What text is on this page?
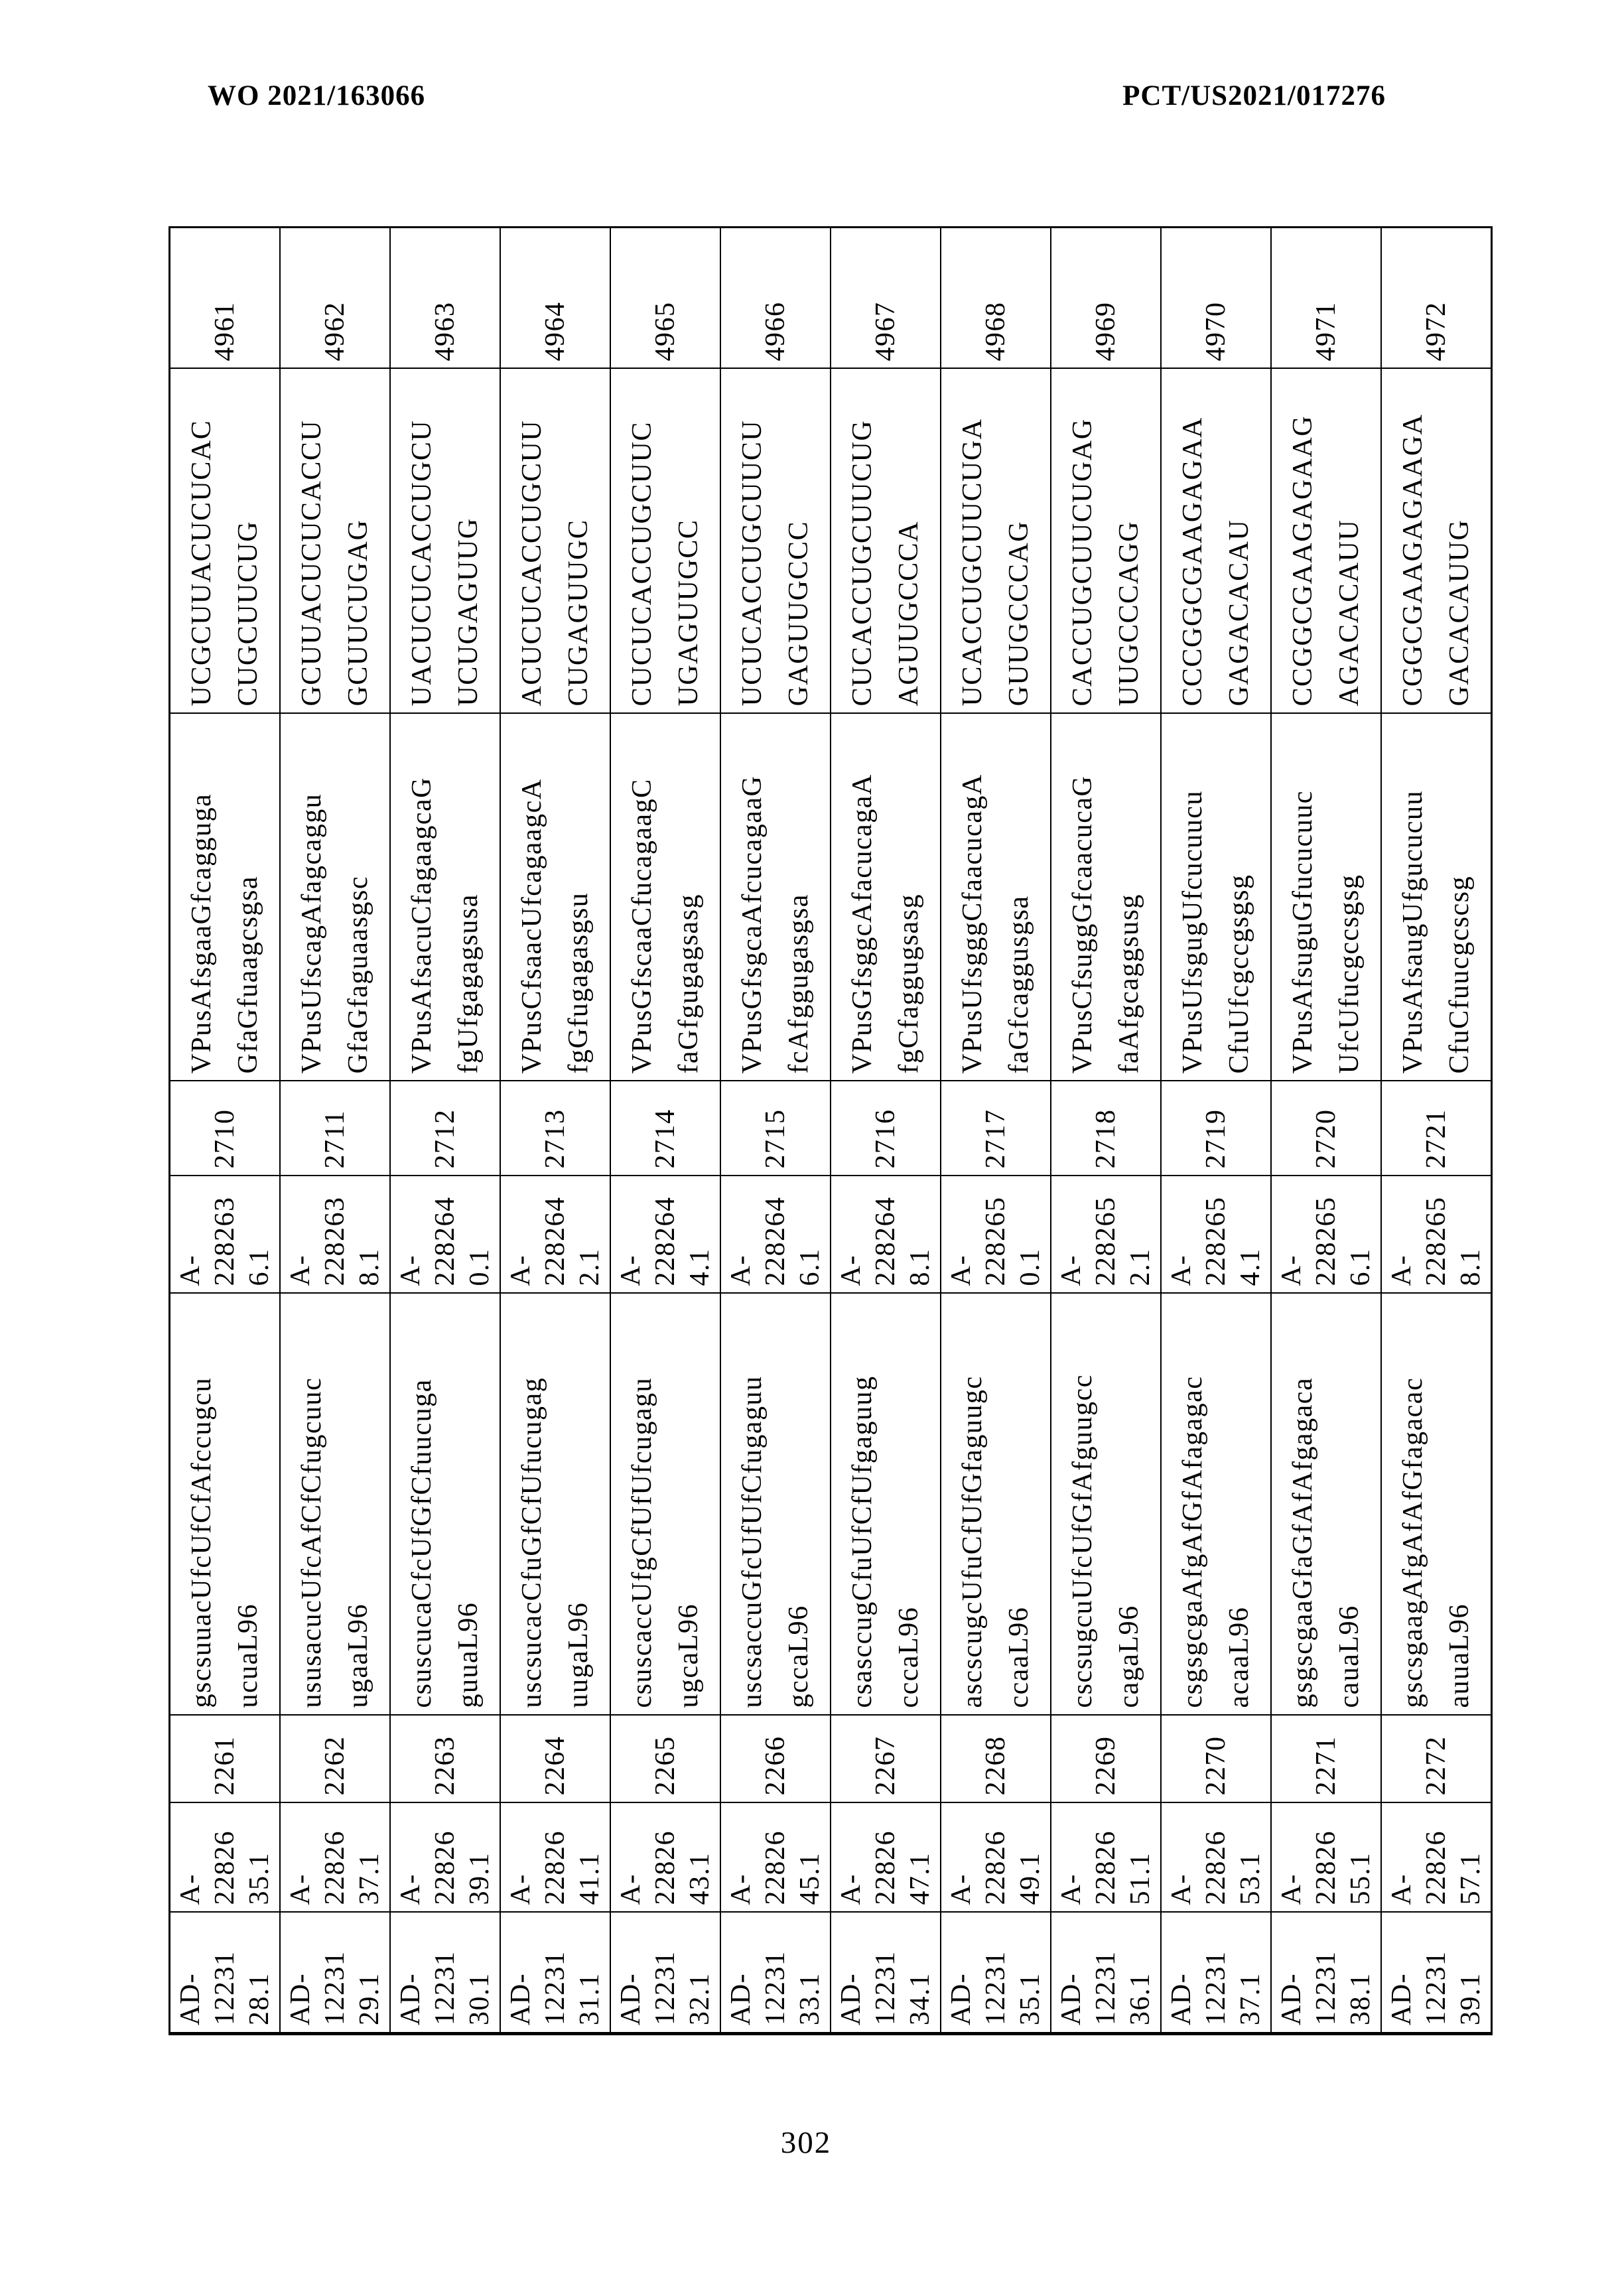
WO 2021/163066	PCT/US2021/017276
AD-
12231
28.1	A-
22826
35.1	2261	gscsuuacUfcUfCfAfccugcu
ucuaL96	A-
228263
6.1	2710	VPusAfsgaaGfcagguga
GfaGfuaagcsgsa	UCGCUUACUCUCAC
CUGCUUCUG	4961
AD-
12231
29.1	A-
22826
37.1	2262	ususacucUfcAfCfCfugcuuc
ugaaL96	A-
228263
8.1	2711	VPusUfscagAfagcaggu
GfaGfaguaasgsc	GCUUACUCUCACCU
GCUUCUGAG	4962
AD-
12231
30.1	A-
22826
39.1	2263	csuscucaCfcUfGfCfuucuga
guuaL96	A-
228264
0.1	2712	VPusAfsacuCfagaagcaG
fgUfgagagsusa	UACUCUCACCUGCU
UCUGAGUUG	4963
AD-
12231
31.1	A-
22826
41.1	2264	uscsucacCfuGfCfUfucugag
uugaL96	A-
228264
2.1	2713	VPusCfsaacUfcagaagcA
fgGfugagasgsu	ACUCUCACCUGCUU
CUGAGUUGC	4964
AD-
12231
32.1	A-
22826
43.1	2265	csuscaccUfgCfUfUfcugagu
ugcaL96	A-
228264
4.1	2714	VPusGfscaaCfucagaagC
faGfgugagsasg	CUCUCACCUGCUUC
UGAGUUGCC	4965
AD-
12231
33.1	A-
22826
45.1	2266	uscsaccuGfcUfUfCfugaguu
gccaL96	A-
228264
6.1	2715	VPusGfsgcaAfcucagaaG
fcAfggugasgsa	UCUCACCUGCUUCU
GAGUUGCCC	4966
AD-
12231
34.1	A-
22826
47.1	2267	csasccugCfuUfCfUfgaguug
cccaL96	A-
228264
8.1	2716	VPusGfsggcAfacucagaA
fgCfaggugsasg	CUCACCUGCUUCUG
AGUUGCCCA	4967
AD-
12231
35.1	A-
22826
49.1	2268	ascscugcUfuCfUfGfaguugc
ccaaL96	A-
228265
0.1	2717	VPusUfsgggCfaacucagA
faGfcaggusgsa	UCACCUGCUUCUGA
GUUGCCCAG	4968
AD-
12231
36.1	A-
22826
51.1	2269	cscsugcuUfcUfGfAfguugcc
cagaL96	A-
228265
2.1	2718	VPusCfsuggGfcaacucaG
faAfgcaggsusg	CACCUGCUUCUGAG
UUGCCCAGG	4969
AD-
12231
37.1	A-
22826
53.1	2270	csgsgcgaAfgAfGfAfagagac
acaaL96	A-
228265
4.1	2719	VPusUfsgugUfcucuucu
CfuUfcgccgsgsg	CCCGGCGAAGAGAA
GAGACACAU	4970
AD-
12231
38.1	A-
22826
55.1	2271	gsgscgaaGfaGfAfAfgagaca
cauaL96	A-
228265
6.1	2720	VPusAfsuguGfucucuuc
UfcUfucgccsgsg	CCGGCGAAGAGAAG
AGACACAUU	4971
AD-
12231
39.1	A-
22826
57.1	2272	gscsgaagAfgAfAfGfagacac
auuaL96	A-
228265
8.1	2721	VPusAfsaugUfgucucuu
CfuCfuucgcscsg	CGGCGAAGAGAAGA
GACACAUUG	4972
302
